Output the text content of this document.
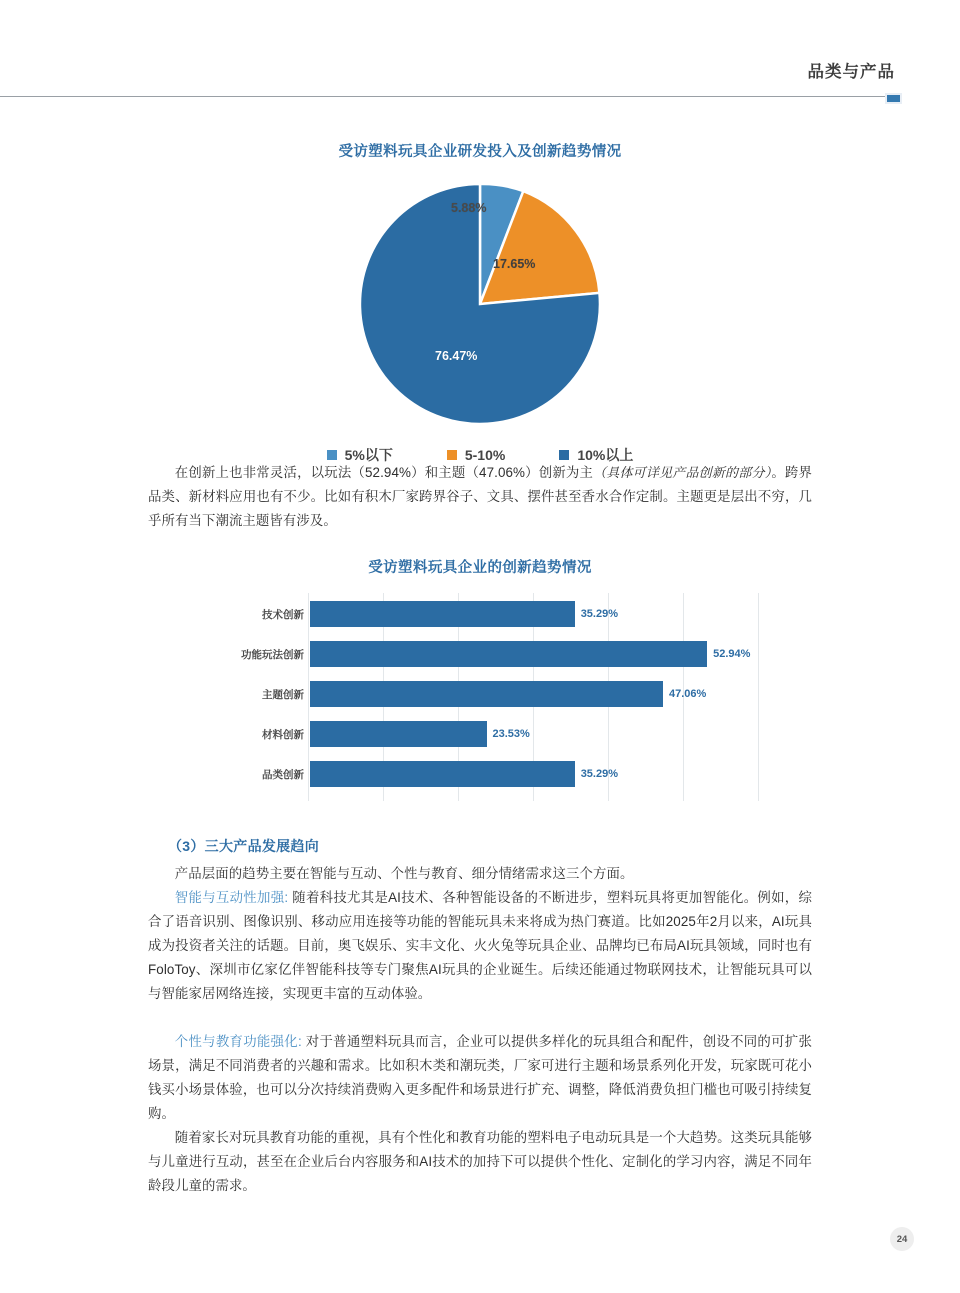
品类与产品
受访塑料玩具企业研发投入及创新趋势情况
5.88%
17.65%
76.47%
5%以下	5-10%	10%以上

在创新上也非常灵活，以玩法（52.94%）和主题（47.06%）创新为主（具体可详见产品创新的部分）。跨界品类、新材料应用也有不少。比如有积木厂家跨界谷子、文具、摆件甚至香水合作定制。主题更是层出不穷，几乎所有当下潮流主题皆有涉及。

受访塑料玩具企业的创新趋势情况
技术创新	35.29%
功能玩法创新	52.94%
主题创新	47.06%
材料创新	23.53%
品类创新	35.29%
（3）三大产品发展趋向

产品层面的趋势主要在智能与互动、个性与教育、细分情绪需求这三个方面。

智能与互动性加强: 随着科技尤其是AI技术、各种智能设备的不断进步，塑料玩具将更加智能化。例如，综合了语音识别、图像识别、移动应用连接等功能的智能玩具未来将成为热门赛道。比如2025年2月以来，AI玩具成为投资者关注的话题。目前，奥飞娱乐、实丰文化、火火兔等玩具企业、品牌均已布局AI玩具领域，同时也有FoloToy、深圳市亿家亿伴智能科技等专门聚焦AI玩具的企业诞生。后续还能通过物联网技术，让智能玩具可以与智能家居网络连接，实现更丰富的互动体验。

个性与教育功能强化: 对于普通塑料玩具而言，企业可以提供多样化的玩具组合和配件，创设不同的可扩张场景，满足不同消费者的兴趣和需求。比如积木类和潮玩类，厂家可进行主题和场景系列化开发，玩家既可花小钱买小场景体验，也可以分次持续消费购入更多配件和场景进行扩充、调整，降低消费负担门槛也可吸引持续复购。

随着家长对玩具教育功能的重视，具有个性化和教育功能的塑料电子电动玩具是一个大趋势。这类玩具能够与儿童进行互动，甚至在企业后台内容服务和AI技术的加持下可以提供个性化、定制化的学习内容，满足不同年龄段儿童的需求。

24
